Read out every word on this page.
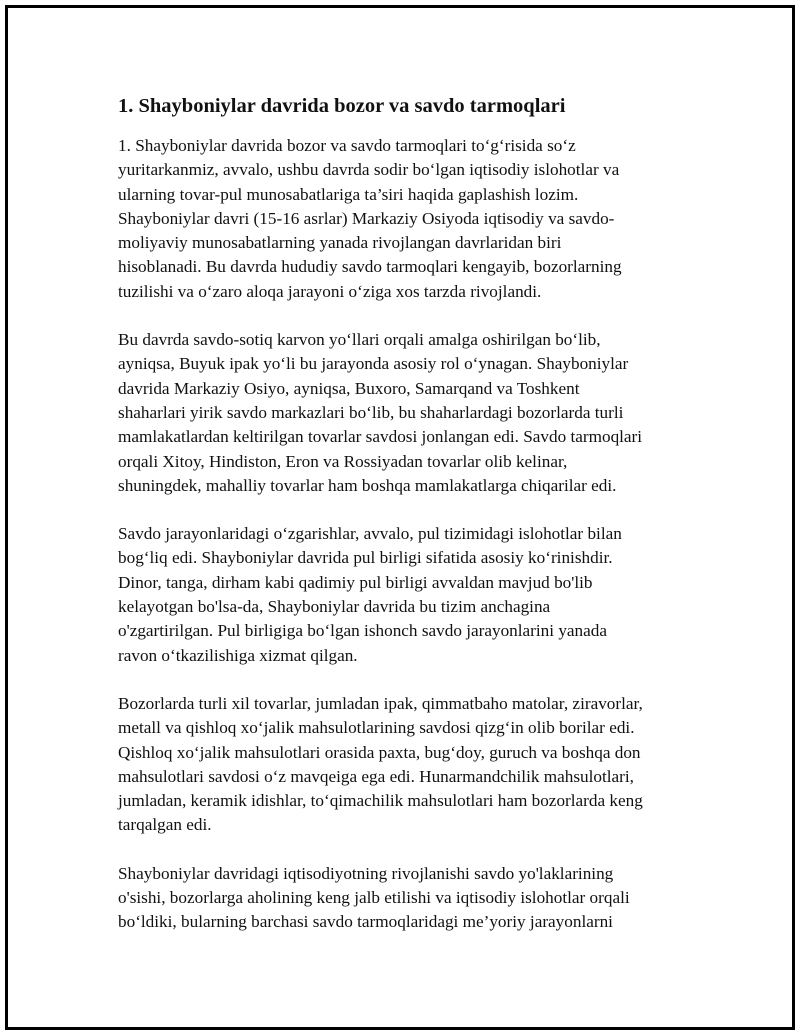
1. Shayboniylar davrida bozor va savdo tarmoqlari

1. Shayboniylar davrida bozor va savdo tarmoqlari to‘g‘risida so‘z
yuritarkanmiz, avvalo, ushbu davrda sodir bo‘lgan iqtisodiy islohotlar va
ularning tovar-pul munosabatlariga ta’siri haqida gaplashish lozim.
Shayboniylar davri (15-16 asrlar) Markaziy Osiyoda iqtisodiy va savdo-
moliyaviy munosabatlarning yanada rivojlangan davrlaridan biri
hisoblanadi. Bu davrda hududiy savdo tarmoqlari kengayib, bozorlarning
tuzilishi va o‘zaro aloqa jarayoni o‘ziga xos tarzda rivojlandi.

Bu davrda savdo-sotiq karvon yo‘llari orqali amalga oshirilgan bo‘lib,
ayniqsa, Buyuk ipak yo‘li bu jarayonda asosiy rol o‘ynagan. Shayboniylar
davrida Markaziy Osiyo, ayniqsa, Buxoro, Samarqand va Toshkent
shaharlari yirik savdo markazlari bo‘lib, bu shaharlardagi bozorlarda turli
mamlakatlardan keltirilgan tovarlar savdosi jonlangan edi. Savdo tarmoqlari
orqali Xitoy, Hindiston, Eron va Rossiyadan tovarlar olib kelinar,
shuningdek, mahalliy tovarlar ham boshqa mamlakatlarga chiqarilar edi.

Savdo jarayonlaridagi o‘zgarishlar, avvalo, pul tizimidagi islohotlar bilan
bog‘liq edi. Shayboniylar davrida pul birligi sifatida asosiy ko‘rinishdir.
Dinor, tanga, dirham kabi qadimiy pul birligi avvaldan mavjud bo'lib
kelayotgan bo'lsa-da, Shayboniylar davrida bu tizim anchagina
o'zgartirilgan. Pul birligiga bo‘lgan ishonch savdo jarayonlarini yanada
ravon o‘tkazilishiga xizmat qilgan.

Bozorlarda turli xil tovarlar, jumladan ipak, qimmatbaho matolar, ziravorlar,
metall va qishloq xo‘jalik mahsulotlarining savdosi qizg‘in olib borilar edi.
Qishloq xo‘jalik mahsulotlari orasida paxta, bug‘doy, guruch va boshqa don
mahsulotlari savdosi o‘z mavqeiga ega edi. Hunarmandchilik mahsulotlari,
jumladan, keramik idishlar, to‘qimachilik mahsulotlari ham bozorlarda keng
tarqalgan edi.

Shayboniylar davridagi iqtisodiyotning rivojlanishi savdo yo'laklarining
o'sishi, bozorlarga aholining keng jalb etilishi va iqtisodiy islohotlar orqali
bo‘ldiki, bularning barchasi savdo tarmoqlaridagi me’yoriy jarayonlarni
